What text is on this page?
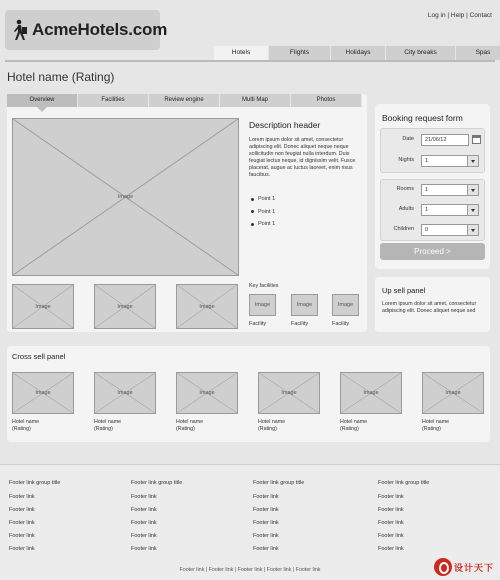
AcmeHotels.com
Log in | Help | Contact
Hotels	Flights	Holidays	City breaks	Spas
Hotel name (Rating)
Overview	Facilities	Review engine	Multi Map	Photos
Image
Image	Image	Image
Description header
Lorem ipsum dolor sit amet, consectetur adipiscing elit. Donec aliquet neque neque sollicitudin non feugiat nulla interdum. Duis feugiat lectus neque, id dignissim velit. Fusce placerat, augue ac luctus laoreet, enim risus faucibus.
Point 1
Point 1
Point 1
Key facilities
Image	Image	Image
Facility	Facility	Facility
Booking request form
Date	21/06/12
Nights	1
Rooms	1
Adults	1
Children	0
Proceed >
Up sell panel
Lorem ipsum dolor sit amet, consectetur adipiscing elit. Donec aliquet neque sed
Cross sell panel
Image	Image	Image	Image	Image	Image
Hotel name
(Rating)
Hotel name
(Rating)
Hotel name
(Rating)
Hotel name
(Rating)
Hotel name
(Rating)
Hotel name
(Rating)
Footer link group title
Footer link
Footer link
Footer link
Footer link
Footer link
Footer link group title
Footer link
Footer link
Footer link
Footer link
Footer link
Footer link group title
Footer link
Footer link
Footer link
Footer link
Footer link
Footer link group title
Footer link
Footer link
Footer link
Footer link
Footer link
Footer link | Footer link | Footer link | Footer link | Footer link	设计天下
